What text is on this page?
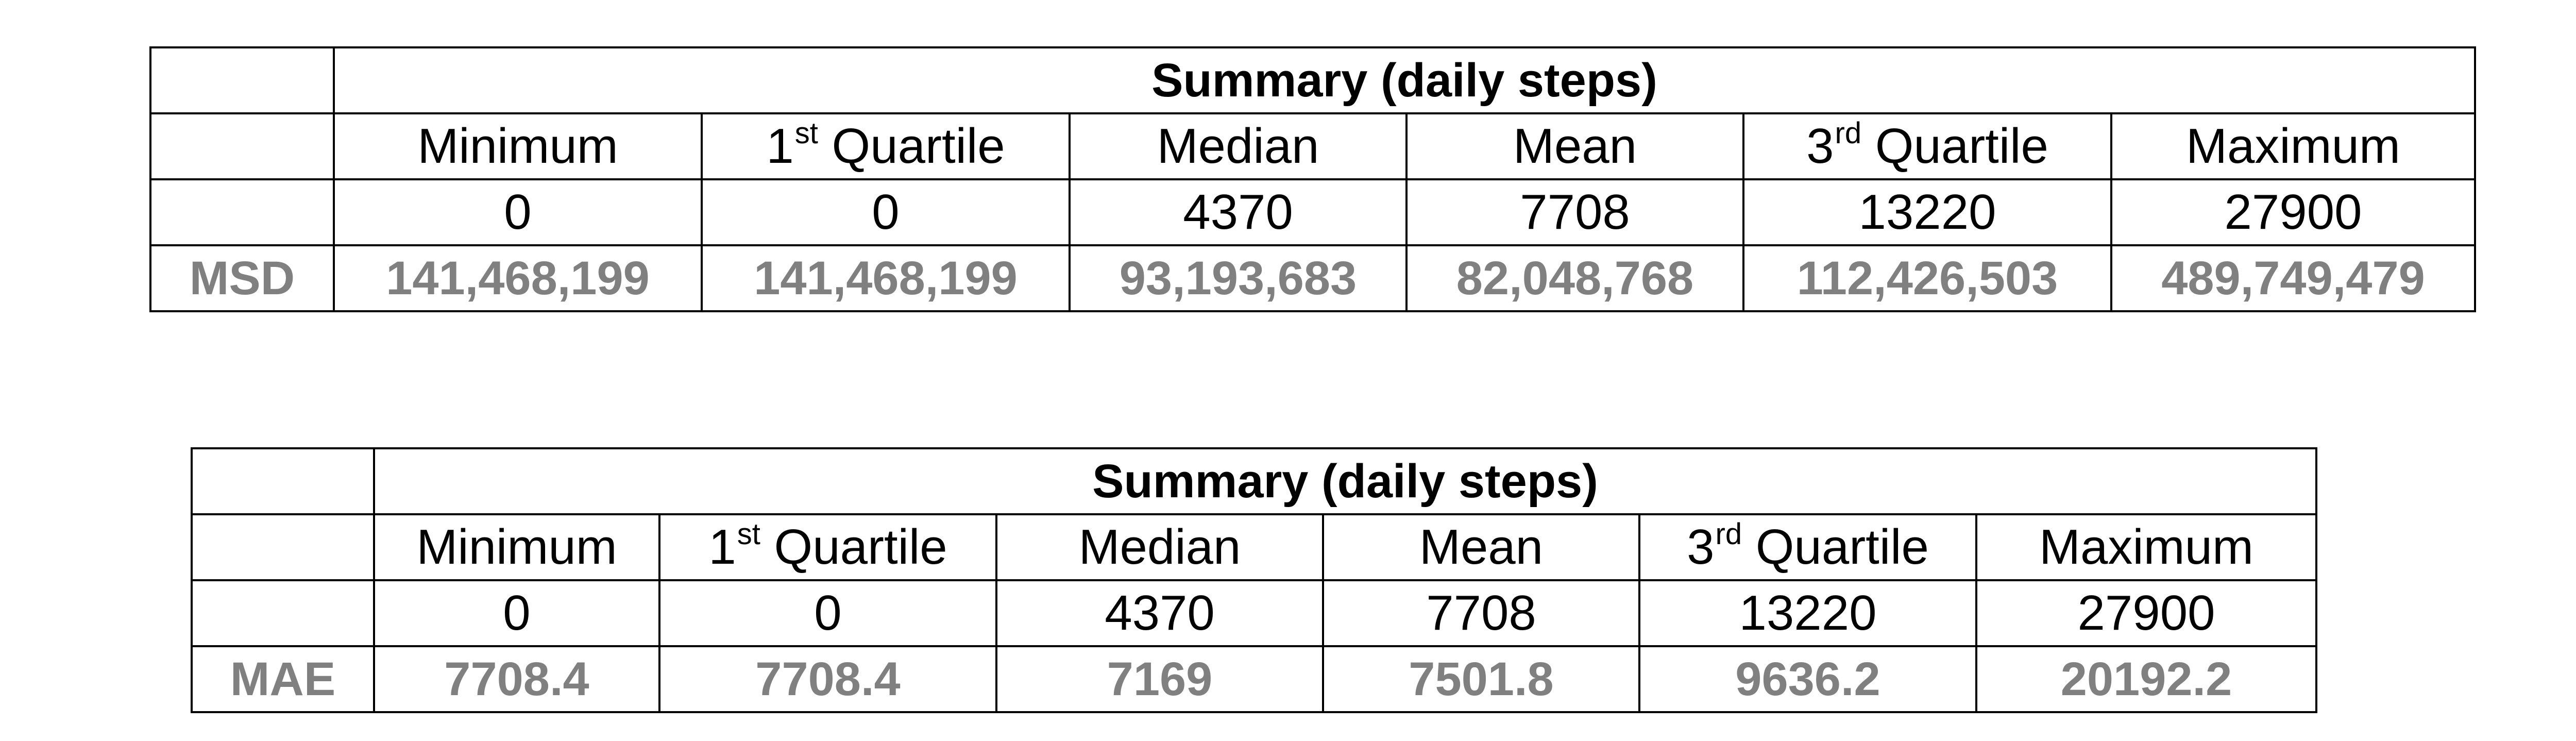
	Summary (daily steps)					
	Minimum	1st Quartile	Median	Mean	3rd Quartile	Maximum
	0	0	4370	7708	13220	27900
MSD	141,468,199	141,468,199	93,193,683	82,048,768	112,426,503	489,749,479
	Summary (daily steps)					
	Minimum	1st Quartile	Median	Mean	3rd Quartile	Maximum
	0	0	4370	7708	13220	27900
MAE	7708.4	7708.4	7169	7501.8	9636.2	20192.2
